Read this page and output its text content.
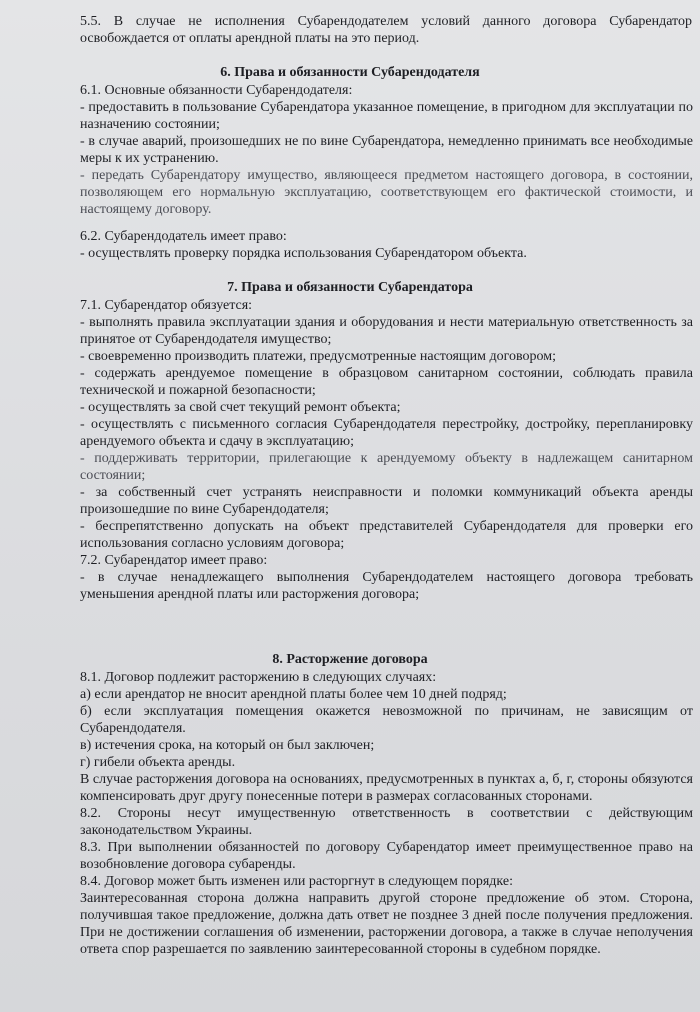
5.5. В случае не исполнения Субарендодателем условий данного договора Субарендатор освобождается от оплаты арендной платы на это период.

6. Права и обязанности Субарендодателя

6.1. Основные обязанности Субарендодателя:

- предоставить в пользование Субарендатора указанное помещение, в пригодном для эксплуатации по назначению состоянии;

- в случае аварий, произошедших не по вине Субарендатора, немедленно принимать все необходимые меры к их устранению.

- передать Субарендатору имущество, являющееся предметом настоящего договора, в состоянии, позволяющем его нормальную эксплуатацию, соответствующем его фактической стоимости, и настоящему договору.

6.2. Субарендодатель имеет право:

- осуществлять проверку порядка использования Субарендатором объекта.

7. Права и обязанности Субарендатора

7.1. Субарендатор обязуется:

8. Расторжение договора

8.1. Договор подлежит расторжению в следующих случаях:

- выполнять правила эксплуатации здания и оборудования и нести материальную ответственность за принятое от Субарендодателя имущество;

- своевременно производить платежи, предусмотренные настоящим договором;

- содержать арендуемое помещение в образцовом санитарном состоянии, соблюдать правила технической и пожарной безопасности;

- осуществлять за свой счет текущий ремонт объекта;

- осуществлять с письменного согласия Субарендодателя перестройку, достройку, перепланировку арендуемого объекта и сдачу в эксплуатацию;

- поддерживать территории, прилегающие к арендуемому объекту в надлежащем санитарном состоянии;

- за собственный счет устранять неисправности и поломки коммуникаций объекта аренды произошедшие по вине Субарендодателя;

- беспрепятственно допускать на объект представителей Субарендодателя для проверки его использования согласно условиям договора;

7.2. Субарендатор имеет право:

- в случае ненадлежащего выполнения Субарендодателем настоящего договора требовать уменьшения арендной платы или расторжения договора;

а) если арендатор не вносит арендной платы более чем 10 дней подряд;

б) если эксплуатация помещения окажется невозможной по причинам, не зависящим от Субарендодателя.

в) истечения срока, на который он был заключен;

г) гибели объекта аренды.

В случае расторжения договора на основаниях, предусмотренных в пунктах а, б, г, стороны обязуются компенсировать друг другу понесенные потери в размерах согласованных сторонами.

8.2. Стороны несут имущественную ответственность в соответствии с действующим законодательством Украины.

8.3. При выполнении обязанностей по договору Субарендатор имеет преимущественное право на возобновление договора субаренды.

8.4. Договор может быть изменен или расторгнут в следующем порядке:

Заинтересованная сторона должна направить другой стороне предложение об этом. Сторона, получившая такое предложение, должна дать ответ не позднее 3 дней после получения предложения. При не достижении соглашения об изменении, расторжении договора, а также в случае неполучения ответа спор разрешается по заявлению заинтересованной стороны в судебном порядке.
